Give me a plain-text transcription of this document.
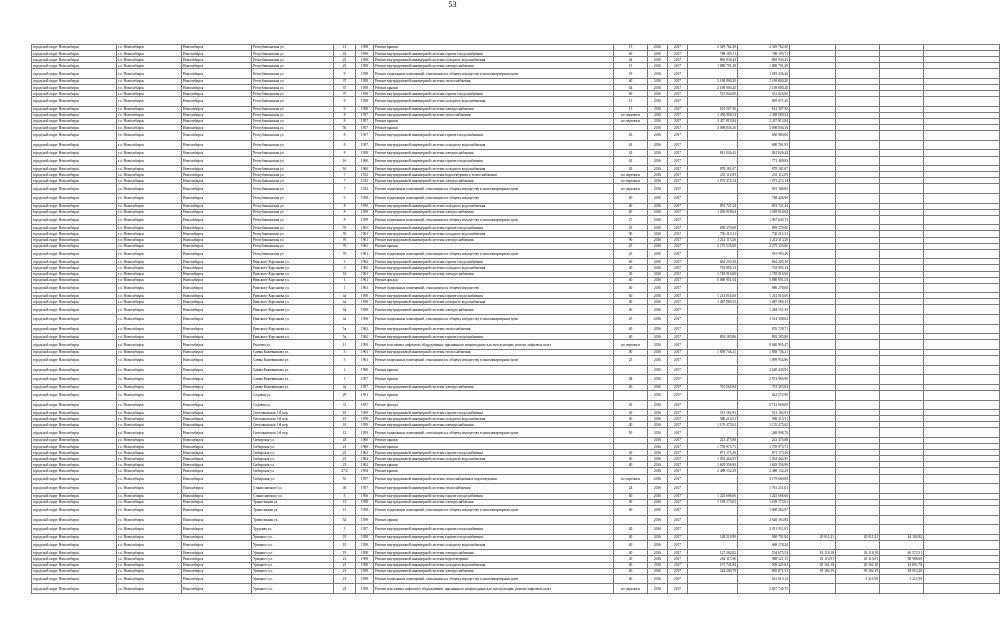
53
городской округ Новосибирск	г.о. Новосибирск	Новосибирск	Республиканская ул.	13	1958	Ремонт крыши	15	2016	2017	2 329 762,30	2 329 762,30				
городской округ Новосибирск	г.о. Новосибирск	Новосибирск	Республиканская ул.	22	1959	Ремонт внутридомовой инженерной системы горячего водоснабжения	40	2016	2017	788 195,71	788 195,71				
городской округ Новосибирск	г.о. Новосибирск	Новосибирск	Республиканская ул.	23	1958	Ремонт внутридомовой инженерной системы холодного водоснабжения	44	2016	2017	865 930,43	865 930,43				
городской округ Новосибирск	г.о. Новосибирск	Новосибирск	Республиканская ул.	23	1958	Ремонт внутридомовой инженерной системы электроснабжения	15	2016	2017	1 888 791,28	1 888 791,28				
городской округ Новосибирск	г.о. Новосибирск	Новосибирск	Республиканская ул.	9	1958	Ремонт подвальных помещений, относящихся к общему имуществу в многоквартирном доме	19	2016	2017		1 819 436,42				
городской округ Новосибирск	г.о. Новосибирск	Новосибирск	Республиканская ул.	37	1958	Ремонт внутридомовой инженерной системы теплоснабжения	40	2016	2017	2 169 800,20	2 169 800,20				
городской округ Новосибирск	г.о. Новосибирск	Новосибирск	Республиканская ул.	37	1958	Ремонт крыши	44	2016	2017	2 169 800,20	2 169 800,20				
городской округ Новосибирск	г.о. Новосибирск	Новосибирск	Республиканская ул.	37	1958	Ремонт внутридомовой инженерной системы горячего водоснабжения	40	2016	2017	531 024,00	531 024,00				
городской округ Новосибирск	г.о. Новосибирск	Новосибирск	Республиканская ул.	9	1958	Ремонт внутридомовой инженерной системы холодного водоснабжения	15	2016	2017		695 871,45				
городской округ Новосибирск	г.о. Новосибирск	Новосибирск	Республиканская ул.	9	1958	Ремонт внутридомовой инженерной системы электроснабжения	15	2016	2017	612 507,30	612 507,30				
городской округ Новосибирск	г.о. Новосибирск	Новосибирск	Республиканская ул.	8	1957	Ремонт внутридомовой инженерной системы теплоснабжения	по переписи	2016	2017	1 458 900,54	1 458 900,54				
городской округ Новосибирск	г.о. Новосибирск	Новосибирск	Республиканская ул.	8	1957	Ремонт крыши	по переписи	2016	2017	2 437 813,84	2 437 813,84				
городской округ Новосибирск	г.о. Новосибирск	Новосибирск	Республиканская ул.	56	1957	Ремонт крыши		2016	2017	3 098 836,16	3 098 836,16				
городской округ Новосибирск	г.о. Новосибирск	Новосибирск	Республиканская ул.	8	1957	Ремонт внутридомовой инженерной системы горячего водоснабжения	43	2016	2017		630 880,00				
городской округ Новосибирск	г.о. Новосибирск	Новосибирск	Республиканская ул.	8	1957	Ремонт внутридомовой инженерной системы холодного водоснабжения	43	2016	2017		690 761,95				
городской округ Новосибирск	г.о. Новосибирск	Новосибирск	Республиканская ул.	8	1958	Ремонт внутридомовой инженерной системы электроснабжения	45	2016	2017	841 826,43	841 826,43				
городской округ Новосибирск	г.о. Новосибирск	Новосибирск	Республиканская ул.	16	1960	Ремонт внутридомовой инженерной системы горячего водоснабжения	43	2016	2017		771 409,83				
городской округ Новосибирск	г.о. Новосибирск	Новосибирск	Республиканская ул.	16	1960	Ремонт внутридомовой инженерной системы холодного водоснабжения	43	2016	2017	878 181,07	878 181,07				
городской округ Новосибирск	г.о. Новосибирск	Новосибирск	Республиканская ул.	7	1912	Ремонт внутридомовой инженерной системы водоотведения и теплоснабжения	по переписи	2016	2017	253 112,09	253 112,09				
городской округ Новосибирск	г.о. Новосибирск	Новосибирск	Республиканская ул.	7	1912	Ремонт внутридомовой инженерной системы электроснабжения	по переписи	2016	2017	1 075 472,14	1 075 472,14				
городской округ Новосибирск	г.о. Новосибирск	Новосибирск	Республиканская ул.	7	1912	Ремонт подвальных помещений, относящихся к общему имуществу в многоквартирном доме	по переписи	2016	2017		961 186,65				
городской округ Новосибирск	г.о. Новосибирск	Новосибирск	Республиканская ул.	9	1958	Ремонт подвальных помещений, относящихся к общему имуществу	20	2016	2017		748 426,90				
городской округ Новосибирск	г.о. Новосибирск	Новосибирск	Республиканская ул.	8	1959	Ремонт внутридомовой инженерной системы холодного водоснабжения	40	2016	2017	853 721,44	853 721,44				
городской округ Новосибирск	г.о. Новосибирск	Новосибирск	Республиканская ул.	8	1959	Ремонт внутридомовой инженерной системы электроснабжения	20	2016	2017	1 039 918,64	1 039 918,64				
городской округ Новосибирск	г.о. Новосибирск	Новосибирск	Республиканская ул.	8	1959	Ремонт подвальных помещений, относящихся к общему имуществу в многоквартирном доме	47	2016	2017		1 067 643,74				
городской округ Новосибирск	г.о. Новосибирск	Новосибирск	Республиканская ул.	76	1961	Ремонт внутридомовой инженерной системы горячего водоснабжения	25	2016	2017	859 279,60	859 279,60				
городской округ Новосибирск	г.о. Новосибирск	Новосибирск	Республиканская ул.	76	1961	Ремонт внутридомовой инженерной системы холодного водоснабжения	90	2016	2017	730 212,31	730 212,31				
городской округ Новосибирск	г.о. Новосибирск	Новосибирск	Республиканская ул.	76	1961	Ремонт внутридомовой инженерной системы электроснабжения	90	2016	2017	1 212 113,20	1 212 113,20				
городской округ Новосибирск	г.о. Новосибирск	Новосибирск	Республиканская ул.	76	1961	Ремонт крыши	25	2016	2017	2 275 535,00	2 275 535,00				
городской округ Новосибирск	г.о. Новосибирск	Новосибирск	Республиканская ул.	76	1961	Ремонт подвальных помещений, относящихся к общему имуществу в многоквартирном доме	25	2016	2017		915 993,28				
городской округ Новосибирск	г.о. Новосибирск	Новосибирск	Римского-Корсакова ул.	3	1962	Ремонт внутридомовой инженерной системы горячего водоснабжения	40	2016	2017	662 205,30	662 205,30				
городской округ Новосибирск	г.о. Новосибирск	Новосибирск	Римского-Корсакова ул.	3	1962	Ремонт внутридомовой инженерной системы холодного водоснабжения	40	2016	2017	763 885,14	763 885,14				
городской округ Новосибирск	г.о. Новосибирск	Новосибирск	Римского-Корсакова ул.	16	1961	Ремонт внутридомовой инженерной системы электроснабжения	20	2016	2017	1 749 916,60	1 749 916,60				
городской округ Новосибирск	г.о. Новосибирск	Новосибирск	Римского-Корсакова ул.	1	1961	Ремонт фасада	40	2016	2017	5 080 951,54	5 080 951,54				
городской округ Новосибирск	г.о. Новосибирск	Новосибирск	Римского-Корсакова ул.	1	1961	Ремонт подвальных помещений, относящихся к общему имуществу	40	2016	2017		886 278,00				
городской округ Новосибирск	г.о. Новосибирск	Новосибирск	Римского-Корсакова ул.	4а	1958	Ремонт внутридомовой инженерной системы горячего водоснабжения	40	2016	2017	1 214 016,00	1 214 016,00				
городской округ Новосибирск	г.о. Новосибирск	Новосибирск	Римского-Корсакова ул.	4а	1958	Ремонт внутридомовой инженерной системы холодного водоснабжения	40	2016	2017	1 487 080,15	1 487 080,15				
городской округ Новосибирск	г.о. Новосибирск	Новосибирск	Римского-Корсакова ул.	4а	1958	Ремонт внутридомовой инженерной системы электроснабжения	40	2016	2017		1 284 151,35				
городской округ Новосибирск	г.о. Новосибирск	Новосибирск	Римского-Корсакова ул.	4а	1958	Ремонт подвальных помещений, относящихся к общему имуществу в многоквартирном доме	25	2016	2017		1 514 508,62				
городской округ Новосибирск	г.о. Новосибирск	Новосибирск	Римского-Корсакова ул.	5а	1962	Ремонт внутридомовой инженерной системы теплоснабжения	40	2016	2017		876 728,71				
городской округ Новосибирск	г.о. Новосибирск	Новосибирск	Римского-Корсакова ул.	5а	1962	Ремонт внутридомовой инженерной системы горячего водоснабжения	40	2016	2017	892 185,86	892 185,86				
городской округ Новосибирск	г.о. Новосибирск	Новосибирск	Рылеева ул.	11	1950	Ремонт или замена лифтового оборудования, признанного непригодным для эксплуатации, ремонт лифтовых шахт	по переписи	2016	2017		8 040 995,47				
городской округ Новосибирск	г.о. Новосибирск	Новосибирск	Саввы Кожевникова ул.	3	1961	Ремонт внутридомовой инженерной системы теплоснабжения	40	2016	2017	1 858 746,21	1 858 746,21				
городской округ Новосибирск	г.о. Новосибирск	Новосибирск	Саввы Кожевникова ул.	3	1961	Ремонт подвальных помещений, относящихся к общему имуществу в многоквартирном доме	25	2016	2017		1 099 954,86				
городской округ Новосибирск	г.о. Новосибирск	Новосибирск	Саввы Кожевникова ул.	1	1960	Ремонт крыши		2016	2017		3 620 443,91				
городской округ Новосибирск	г.о. Новосибирск	Новосибирск	Саввы Кожевникова ул.	1	1957	Ремонт крыши	48	2016	2017		2 974 966,99				
городской округ Новосибирск	г.о. Новосибирск	Новосибирск	Саввы Кожевникова ул.	4а	1957	Ремонт внутридомовой инженерной системы электроснабжения	40	2016	2017	701 565,84	701 565,84				
городской округ Новосибирск	г.о. Новосибирск	Новосибирск	Садовая ул.	29	1951	Ремонт крыши		2016	2017		622 572,99				
городской округ Новосибирск	г.о. Новосибирск	Новосибирск	Садовая ул.	31	1957	Ремонт фасада	45	2016	2017		5 712 000,00				
городской округ Новосибирск	г.о. Новосибирск	Новосибирск	Светлановская 1-й пер.	10	1959	Ремонт внутридомовой инженерной системы горячего водоснабжения	40	2016	2017	513 182,93	513 182,93				
городской округ Новосибирск	г.о. Новосибирск	Новосибирск	Светлановская 1-й пер.	10	1959	Ремонт внутридомовой инженерной системы холодного водоснабжения	40	2016	2017	588 210,51	588 210,51				
городской округ Новосибирск	г.о. Новосибирск	Новосибирск	Светлановская 1-й пер.	10	1959	Ремонт внутридомовой инженерной системы электроснабжения	40	2016	2017	1 170 475,02	1 170 475,02				
городской округ Новосибирск	г.о. Новосибирск	Новосибирск	Светлановская 1-й пер.	12	1959	Ремонт подвальных помещений, относящихся к общему имуществу в многоквартирном доме	50	2016	2017		268 908,76				
городской округ Новосибирск	г.о. Новосибирск	Новосибирск	Сибирская ул.	43	1960	Ремонт крыши		2016	2017	222 475,88	222 475,88				
городской округ Новосибирск	г.о. Новосибирск	Новосибирск	Сибирская ул.	21	1960	Ремонт крыши		2016	2017	1 759 973,71	1 759 973,71				
городской округ Новосибирск	г.о. Новосибирск	Новосибирск	Сибирская ул.	23	1962	Ремонт внутридомовой инженерной системы горячего водоснабжения	40	2016	2017	871 175,26	871 175,26				
городской округ Новосибирск	г.о. Новосибирск	Новосибирск	Сибирская ул.	23	1962	Ремонт внутридомовой инженерной системы холодного водоснабжения	40	2016	2017	1 054 464,95	1 054 464,95				
городской округ Новосибирск	г.о. Новосибирск	Новосибирск	Сибирская ул.	23	1962	Ремонт крыши	40	2016	2017	1 629 356,99	1 629 356,99				
городской округ Новосибирск	г.о. Новосибирск	Новосибирск	Сибирская ул.	27/2	1954	Ремонт крыши		2016	2017	2 488 132,29	2 488 132,29				
городской округ Новосибирск	г.о. Новосибирск	Новосибирск	Сибирская ул.	51	1957	Ремонт внутридомовой инженерной системы теплоснабжения и водоотведения	по переписи	2016	2017		3 179 660,82				
городской округ Новосибирск	г.о. Новосибирск	Новосибирск	Станиславского ул.	40	1957	Ремонт внутридомовой инженерной системы теплоснабжения	24	2016	2017		1 761 251,61				
городской округ Новосибирск	г.о. Новосибирск	Новосибирск	Станиславского ул.	3	1956	Ремонт внутридомовой инженерной системы горячего водоснабжения	40	2016	2017	1 225 606,60	1 225 606,60				
городской округ Новосибирск	г.о. Новосибирск	Новосибирск	Трикотажная ул.	15	1958	Ремонт внутридомовой инженерной системы электроснабжения	40	2016	2017	1 109 173,01	1 109 173,01				
городской округ Новосибирск	г.о. Новосибирск	Новосибирск	Трикотажная ул.	15	1958	Ремонт подвальных помещений, относящихся к общему имуществу в многоквартирном доме	40	2016	2017		1 008 262,97				
городской округ Новосибирск	г.о. Новосибирск	Новосибирск	Трикотажная ул.	52	1959	Ремонт крыши		2016	2017		2 620 163,84				
городской округ Новосибирск	г.о. Новосибирск	Новосибирск	Трудовая ул.	3	1957	Ремонт внутридомовой инженерной системы горячего водоснабжения	20	2016	2017		2 011 911,02				
городской округ Новосибирск	г.о. Новосибирск	Новосибирск	Урицкого ул.	19	1958	Ремонт внутридомовой инженерной системы горячего водоснабжения	40	2016	2017	148 219,90	940 791,84	20 011,21	20 011,21	44 104,92	
городской округ Новосибирск	г.о. Новосибирск	Новосибирск	Урицкого ул.	19	1958	Ремонт внутридомовой инженерной системы холодного водоснабжения	40	2016	2017		668 178,20				
городской округ Новосибирск	г.о. Новосибирск	Новосибирск	Урицкого ул.	19	1958	Ремонт внутридомовой инженерной системы электроснабжения	40	2016	2017	127 262,82	554 675,54	18 118,18	18 118,18	40 572,51	
городской округ Новосибирск	г.о. Новосибирск	Новосибирск	Урицкого ул.	21	1958	Ремонт внутридомовой инженерной системы водоотведения	40	2016	2017	264 115,30	988 521,15	43 110,91	43 110,91	88 988,69	
городской округ Новосибирск	г.о. Новосибирск	Новосибирск	Урицкого ул.	21	1958	Ремонт внутридомовой инженерной системы холодного водоснабжения	40	2016	2017	137 741,84	509 421,84	20 161,18	20 161,18	44 891,78	
городской округ Новосибирск	г.о. Новосибирск	Новосибирск	Урицкого ул.	21	1958	Ремонт внутридомовой инженерной системы электроснабжения	40	2016	2017	244 280,79	905 871,53	39 184,19	39 184,19	83 013,28	
городской округ Новосибирск	г.о. Новосибирск	Новосибирск	Урицкого ул.	21	1958	Ремонт подвальных помещений, относящихся к общему имуществу в многоквартирном доме	40	2016	2017		621 613,14		5 211,99	5 211,99	
городской округ Новосибирск	г.о. Новосибирск	Новосибирск	Урицкого ул.	23	1959	Ремонт или замена лифтового оборудования, признанного непригодным для эксплуатации, ремонт лифтовых шахт	по переписи	2016	2017		2 657 740,75				
